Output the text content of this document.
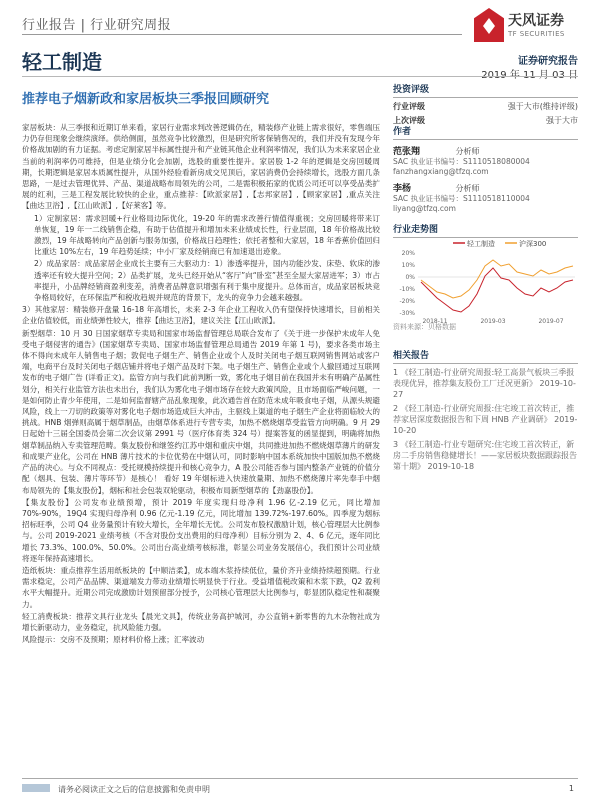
行业报告 | 行业研究周报	天风证券
TF SECURITIES
轻工制造	证券研究报告
推荐电子烟新政和家居板块三季报回顾研究
投资评级
行业评级	强于大市(维持评级)
上次评级	强于大市
作者
范张翔	分析师
SAC 执业证书编号：S1110518080004
fanzhangxiang@tfzq.com
李杨	分析师
SAC 执业证书编号：S1110518110004
liyang@tfzq.com
行业走势图
轻工制造	沪深300
20%
10%
0%
-10%
-20%
-30%
2018-11	2019-03	2019-07
资料来源：贝格数据
相关报告
1 《轻工制造-行业研究周报:轻工高景气板块三季报表现优异，推荐集友股份工厂迁况更新》 2019-10-27
2 《轻工制造-行业研究周报:住宅竣工首次转正，推荐家居深度数据报告和下周 HNB 产业调研》 2019-10-20
3 《轻工制造-行业专题研究:住宅竣工首次转正，新房二手房销售稳健增长！——家居板块数据跟踪报告第十期》 2019-10-18

家居板块：从三季报和近期订单来看，家居行业需求判改善逻辑仍在，精装修产业链上需求很好，零售端压力仍存但现象会继续演绎。供给侧面，虽然竞争比较激烈，但是研究所客保销售况的，我们并没有发现今年价格战加剧的有力证据。考虑定制家居半标属性提升和产业链其他企业利润率情况，我们认为未来家居企业当前的利润率仍可维持，但是业绩分化会加剧，选股的重要性提升。家居股 1-2 年的逻辑是交房回暖周期，长期逻辑是家居本质属性提升，从国外经验看新房成交见顶后，家居消费仍会持续增长，选股方面几条思路，一是过去管理优异、产品、渠道战略布局领先的公司，二是需积极拓家的优质公司还可以享受品类扩展的红利，三是工程发展比较快的企业，重点推荐：【欧派家居】,【志邦家居】,【顾家家居】,重点关注【曲达卫浴】,【江山欧派】,【好莱客】等。

1）定制家居：需求回暖+行业格局边际优化，19-20 年的需求改善行情值得重视；交房回暖将带来订单恢复，19 年一二线销售企稳，有助于估值提升和增加未来业绩成长性，行业层面，18 年价格战比较激烈，19 年战略转向产品创新与服务加强，价格战日趋理性；依托者整和大家居，18 年香蕉价值回归比重达 10%左右，19 年趋势延续；中小厂家及经销商已有加速退出迹象。

2）成品家居：成品家居企业成长主要有三大驱动力：1）渗透率提升，国内功能沙发、床垫、软床的渗透率还有较大提升空间；2）品类扩展，龙头已经开始从“客厅”向“卧室”甚至全屋大家居进军；3）市占率提升，小品牌经销商盈利变差，消费者品牌意识增强有利于集中度提升。总体而言，成品家居板块竞争格局较好，在环保监严和税收趋规并规范的背景下，龙头的竞争力会越来越强。

3）其他家居：精装修开盘量 16-18 年高增长，未来 2-3 年企业工程收入仍有望保持快速增长，目前相关企业估值较低，而业绩弹性较大，推荐【曲达卫浴】，建议关注【江山欧派】。

新型烟草：10 月 30 日国家烟草专卖局和国家市场监督管理总局联合发布了《关于进一步保护未成年人免受电子烟侵害的通告》(国家烟草专卖局、国家市场监督管理总局通告 2019 年第 1 号)，要求各类市场主体不得向未成年人销售电子烟；敦促电子烟生产、销售企业或个人及时关闭电子烟互联网销售网站或客户端，电商平台及时关闭电子烟店铺并将电子烟产品及时下架。电子烟生产、销售企业或个人撤回通过互联网发布的电子烟广告 (详看正文)。监管方向与我们此前判断一致，雾化电子烟目前在我国并未有明确产品属性划分，相关行业监管方法也未出台，我们认为雾化电子烟市场存在较大政策风险，且市场面临严峻问题，一是如何防止青少年使用，二是如何监督辖产品乱象现象，此次通告首在防范未成年吸食电子烟，从源头规避风险，线上一刀切的政策等对雾化电子烟市场造成巨大冲击，主驱线上渠道的电子烟生产企业将面临较大的挑战。HNB 烟弹则高属于烟草制品，由烟草体系进行专营专卖，加热不燃烧烟草受监管方向明确。9 月 29 日起始十三届全国委员会第二次会议第 2991 号（医疗体育类 324 号）提案答复的函显提到，明确将加热烟草制品纳入专卖管理范畴。集友股份和继签约江苏中烟和重庆中烟，共同推进加热不燃烧烟草薄片的研发和成果产业化，公司在 HNB 薄片技术的卡位优势在中烟认可，同时影响中国本系统加快中国版加热不燃烧产品的决心。与众不同视点：受托规模持续提升和核心竞争力，A 股公司能否参与国内整条产业链的价值分配（烟具、包装、薄片等环节）是核心！ 看好 19 年烟标进入快速放量期、加热不燃烧薄片率先奉手中烟布局领先的【集友股份】，烟标和社会包装双轮驱动，积极布局新型烟草的【劲嘉股份】。

【集友股份】公司发布业绩预增，预计 2019 年度实现归母净利 1.96 亿-2.19 亿元，同比增加 70%-90%，19Q4 实现归母净利 0.96 亿元-1.19 亿元，同比增加 139.72%-197.60%。四季度为烟标招标旺季，公司 Q4 业务量预计有较大增长，全年增长无忧。公司发布股权激励计划，核心管理层大比例参与。公司 2019-2021 业绩考核（不含对股份支出费用的归母净利）目标分别为 2、4、6 亿元，逐年同比增长 73.3%、100.0%、50.0%。公司出台高业绩考核标准，彰显公司业务发展信心，我们预计公司业绩将逐年保持高速增长。

造纸板块：重点推荐生活用纸板块的【中顺洁柔】，成本端木浆持续低位，量价齐升业绩持续超预期。行业需求稳定，公司产品品牌、渠道端发力带动业绩增长明显快于行业。受益增值税改策和木浆下跌，Q2 盈利水平大幅提升。近期公司完成激励计划预留部分授予，公司核心管理层大比例参与，彰显团队稳定性和凝聚力。

轻工消费板块：推荐文具行业龙头【晨光文具】，传统业务高护城河，办公直销+新零售的九木杂物社成为增长新驱动力，业务稳定，抗风险能力强。

风险提示：交房不及预期；原材料价格上涨；汇率波动

请务必阅读正文之后的信息披露和免责申明	1
